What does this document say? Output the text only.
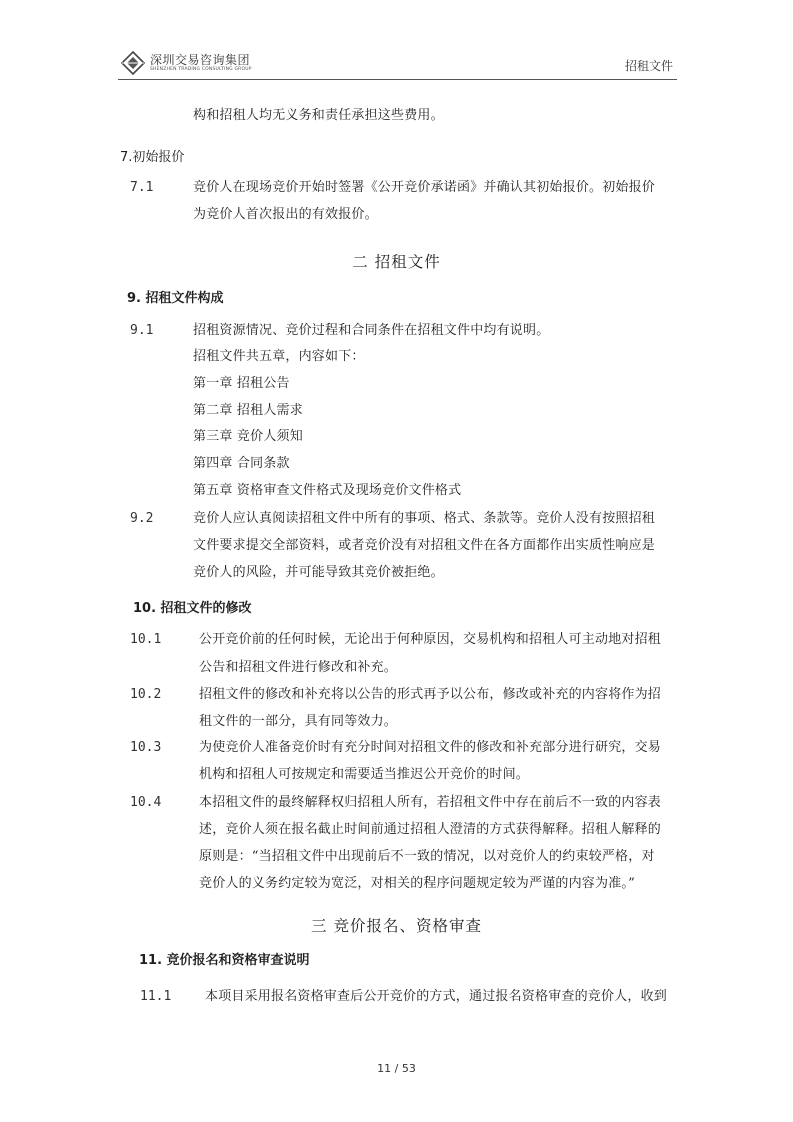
深圳交易咨询集团
SHENZHEN TRADING CONSULTING GROUP	招租文件
构和招租人均无义务和责任承担这些费用。
7.初始报价
7.1	竞价人在现场竞价开始时签署《公开竞价承诺函》并确认其初始报价。初始报价
为竞价人首次报出的有效报价。
二 招租文件
9. 招租文件构成
9.1	招租资源情况、竞价过程和合同条件在招租文件中均有说明。
招租文件共五章，内容如下：
第一章 招租公告
第二章 招租人需求
第三章 竞价人须知
第四章 合同条款
第五章 资格审查文件格式及现场竞价文件格式
9.2	竞价人应认真阅读招租文件中所有的事项、格式、条款等。竞价人没有按照招租
文件要求提交全部资料，或者竞价没有对招租文件在各方面都作出实质性响应是
竞价人的风险，并可能导致其竞价被拒绝。
10. 招租文件的修改
10.1	公开竞价前的任何时候，无论出于何种原因，交易机构和招租人可主动地对招租
公告和招租文件进行修改和补充。
10.2	招租文件的修改和补充将以公告的形式再予以公布，修改或补充的内容将作为招
租文件的一部分，具有同等效力。
10.3	为使竞价人准备竞价时有充分时间对招租文件的修改和补充部分进行研究，交易
机构和招租人可按规定和需要适当推迟公开竞价的时间。
10.4	本招租文件的最终解释权归招租人所有，若招租文件中存在前后不一致的内容表
述，竞价人须在报名截止时间前通过招租人澄清的方式获得解释。招租人解释的
原则是：“当招租文件中出现前后不一致的情况，以对竞价人的约束较严格，对
竞价人的义务约定较为宽泛，对相关的程序问题规定较为严谨的内容为准。”
三 竞价报名、资格审查
11. 竞价报名和资格审查说明
11.1	本项目采用报名资格审查后公开竞价的方式，通过报名资格审查的竞价人，收到
11 / 53
